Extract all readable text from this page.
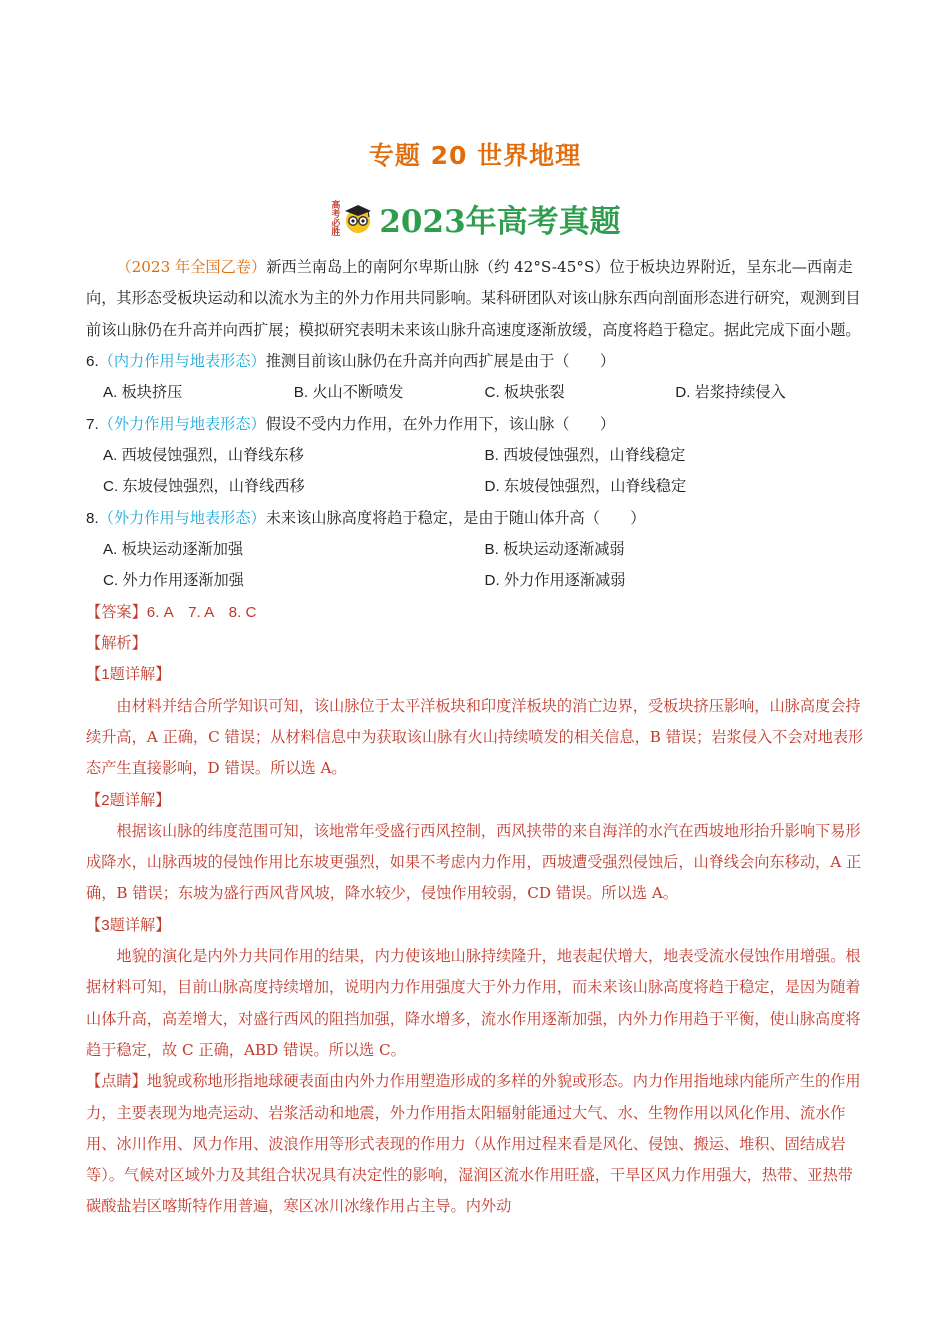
专题 20 世界地理
高考必胜 2023年高考真题

（2023 年全国乙卷）新西兰南岛上的南阿尔卑斯山脉（约 42°S-45°S）位于板块边界附近，呈东北—西南走向，其形态受板块运动和以流水为主的外力作用共同影响。某科研团队对该山脉东西向剖面形态进行研究，观测到目前该山脉仍在升高并向西扩展；模拟研究表明未来该山脉升高速度逐渐放缓，高度将趋于稳定。据此完成下面小题。

6.（内力作用与地表形态）推测目前该山脉仍在升高并向西扩展是由于（　　）

A. 板块挤压	B. 火山不断喷发	C. 板块张裂	D. 岩浆持续侵入

7.（外力作用与地表形态）假设不受内力作用，在外力作用下，该山脉（　　）

A. 西坡侵蚀强烈，山脊线东移	B. 西坡侵蚀强烈，山脊线稳定
C. 东坡侵蚀强烈，山脊线西移	D. 东坡侵蚀强烈，山脊线稳定

8.（外力作用与地表形态）未来该山脉高度将趋于稳定，是由于随山体升高（　　）

A. 板块运动逐渐加强	B. 板块运动逐渐减弱
C. 外力作用逐渐加强	D. 外力作用逐渐减弱

【答案】6. A　7. A　8. C

【解析】

【1题详解】

由材料并结合所学知识可知，该山脉位于太平洋板块和印度洋板块的消亡边界，受板块挤压影响，山脉高度会持续升高，A 正确，C 错误；从材料信息中为获取该山脉有火山持续喷发的相关信息，B 错误；岩浆侵入不会对地表形态产生直接影响，D 错误。所以选 A。

【2题详解】

根据该山脉的纬度范围可知，该地常年受盛行西风控制，西风挟带的来自海洋的水汽在西坡地形抬升影响下易形成降水，山脉西坡的侵蚀作用比东坡更强烈，如果不考虑内力作用，西坡遭受强烈侵蚀后，山脊线会向东移动，A 正确，B 错误；东坡为盛行西风背风坡，降水较少，侵蚀作用较弱，CD 错误。所以选 A。

【3题详解】

地貌的演化是内外力共同作用的结果，内力使该地山脉持续隆升，地表起伏增大，地表受流水侵蚀作用增强。根据材料可知，目前山脉高度持续增加，说明内力作用强度大于外力作用，而未来该山脉高度将趋于稳定，是因为随着山体升高，高差增大，对盛行西风的阻挡加强，降水增多，流水作用逐渐加强，内外力作用趋于平衡，使山脉高度将趋于稳定，故 C 正确，ABD 错误。所以选 C。

【点睛】地貌或称地形指地球硬表面由内外力作用塑造形成的多样的外貌或形态。内力作用指地球内能所产生的作用力，主要表现为地壳运动、岩浆活动和地震，外力作用指太阳辐射能通过大气、水、生物作用以风化作用、流水作用、冰川作用、风力作用、波浪作用等形式表现的作用力（从作用过程来看是风化、侵蚀、搬运、堆积、固结成岩等）。气候对区域外力及其组合状况具有决定性的影响，湿润区流水作用旺盛，干旱区风力作用强大，热带、亚热带碳酸盐岩区喀斯特作用普遍，寒区冰川冰缘作用占主导。内外动
